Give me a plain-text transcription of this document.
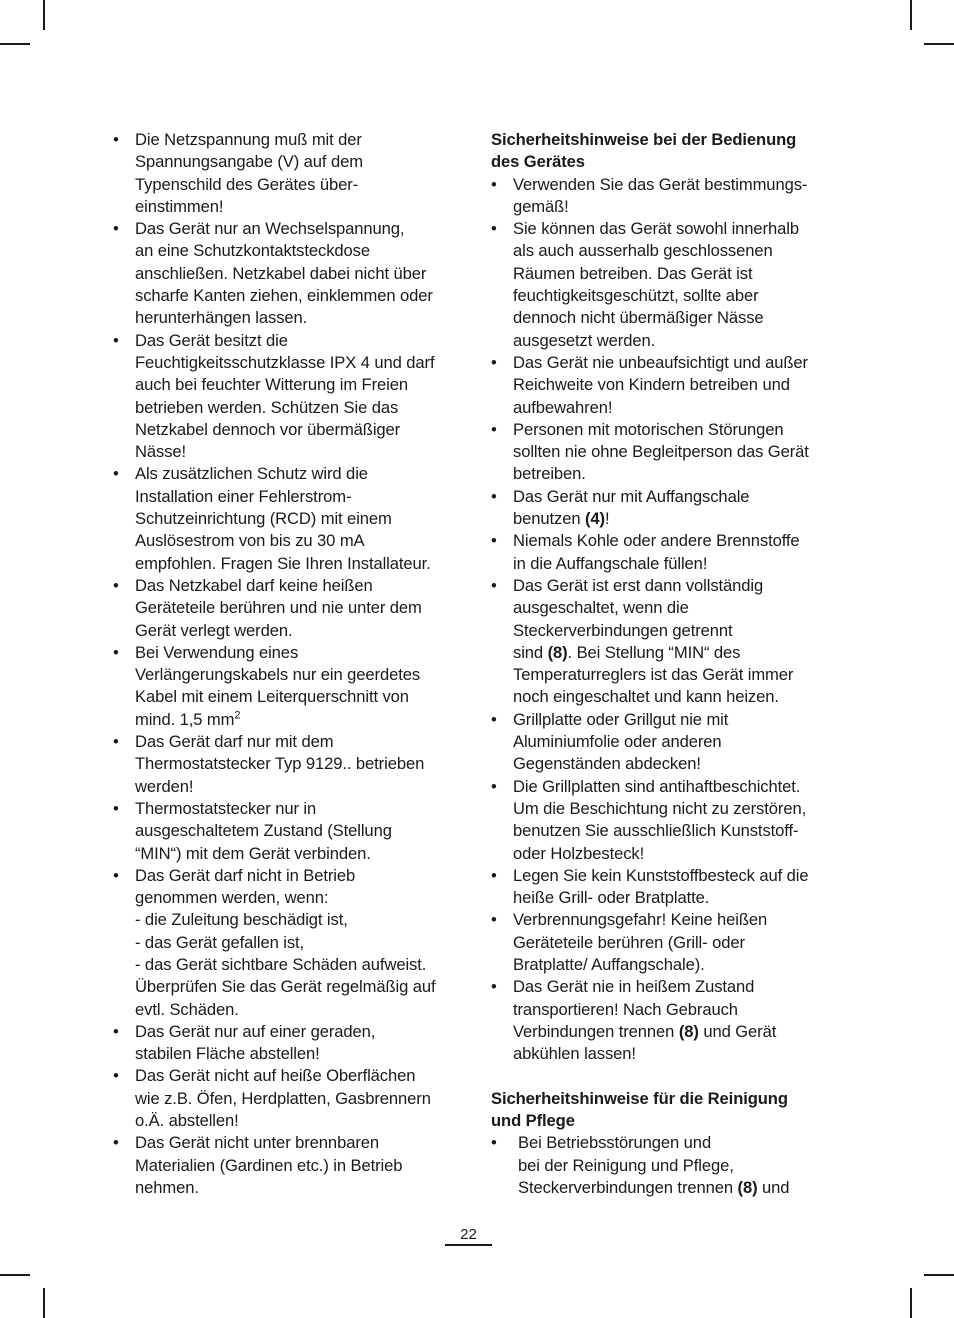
• Die Netzspannung muß mit der
Spannungsangabe (V) auf dem
Typenschild des Gerätes über-
einstimmen!
• Das Gerät nur an Wechselspannung,
an eine Schutzkontaktsteckdose
anschließen. Netzkabel dabei nicht über
scharfe Kanten ziehen, einklemmen oder
herunterhängen lassen.
• Das Gerät besitzt die
Feuchtigkeitsschutzklasse IPX 4 und darf
auch bei feuchter Witterung im Freien
betrieben werden. Schützen Sie das
Netzkabel dennoch vor übermäßiger
Nässe!
• Als zusätzlichen Schutz wird die
Installation einer Fehlerstrom-
Schutzeinrichtung (RCD) mit einem
Auslösestrom von bis zu 30 mA
empfohlen. Fragen Sie Ihren Installateur.
• Das Netzkabel darf keine heißen
Geräteteile berühren und nie unter dem
Gerät verlegt werden.
• Bei Verwendung eines
Verlängerungskabels nur ein geerdetes
Kabel mit einem Leiterquerschnitt von
mind. 1,5 $mm^2$
• Das Gerät darf nur mit dem
Thermostatstecker Typ 9129.. betrieben
werden!
• Thermostatstecker nur in
ausgeschaltetem Zustand (Stellung
“MIN“) mit dem Gerät verbinden.
• Das Gerät darf nicht in Betrieb
genommen werden, wenn:
- die Zuleitung beschädigt ist,
- das Gerät gefallen ist,
- das Gerät sichtbare Schäden aufweist.
Überprüfen Sie das Gerät regelmäßig auf
evtl. Schäden.
• Das Gerät nur auf einer geraden,
stabilen Fläche abstellen!
• Das Gerät nicht auf heiße Oberflächen
wie z.B. Öfen, Herdplatten, Gasbrennern
o.Ä. abstellen!
• Das Gerät nicht unter brennbaren
Materialien (Gardinen etc.) in Betrieb
nehmen.
Sicherheitshinweise bei der Bedienung
des Gerätes
• Verwenden Sie das Gerät bestimmungs-
gemäß!
• Sie können das Gerät sowohl innerhalb
als auch ausserhalb geschlossenen
Räumen betreiben. Das Gerät ist
feuchtigkeitsgeschützt, sollte aber
dennoch nicht übermäßiger Nässe
ausgesetzt werden.
• Das Gerät nie unbeaufsichtigt und außer
Reichweite von Kindern betreiben und
aufbewahren!
• Personen mit motorischen Störungen
sollten nie ohne Begleitperson das Gerät
betreiben.
• Das Gerät nur mit Auffangschale
benutzen (4)!
• Niemals Kohle oder andere Brennstoffe
in die Auffangschale füllen!
• Das Gerät ist erst dann vollständig
ausgeschaltet, wenn die
Steckerverbindungen getrennt
sind (8). Bei Stellung “MIN“ des
Temperaturreglers ist das Gerät immer
noch eingeschaltet und kann heizen.
• Grillplatte oder Grillgut nie mit
Aluminiumfolie oder anderen
Gegenständen abdecken!
• Die Grillplatten sind antihaftbeschichtet.
Um die Beschichtung nicht zu zerstören,
benutzen Sie ausschließlich Kunststoff-
oder Holzbesteck!
• Legen Sie kein Kunststoffbesteck auf die
heiße Grill- oder Bratplatte.
• Verbrennungsgefahr! Keine heißen
Geräteteile berühren (Grill- oder
Bratplatte/ Auffangschale).
• Das Gerät nie in heißem Zustand
transportieren! Nach Gebrauch
Verbindungen trennen (8) und Gerät
abkühlen lassen!
Sicherheitshinweise für die Reinigung
und Pflege
• Bei Betriebsstörungen und
bei der Reinigung und Pflege,
Steckerverbindungen trennen (8) und
22
